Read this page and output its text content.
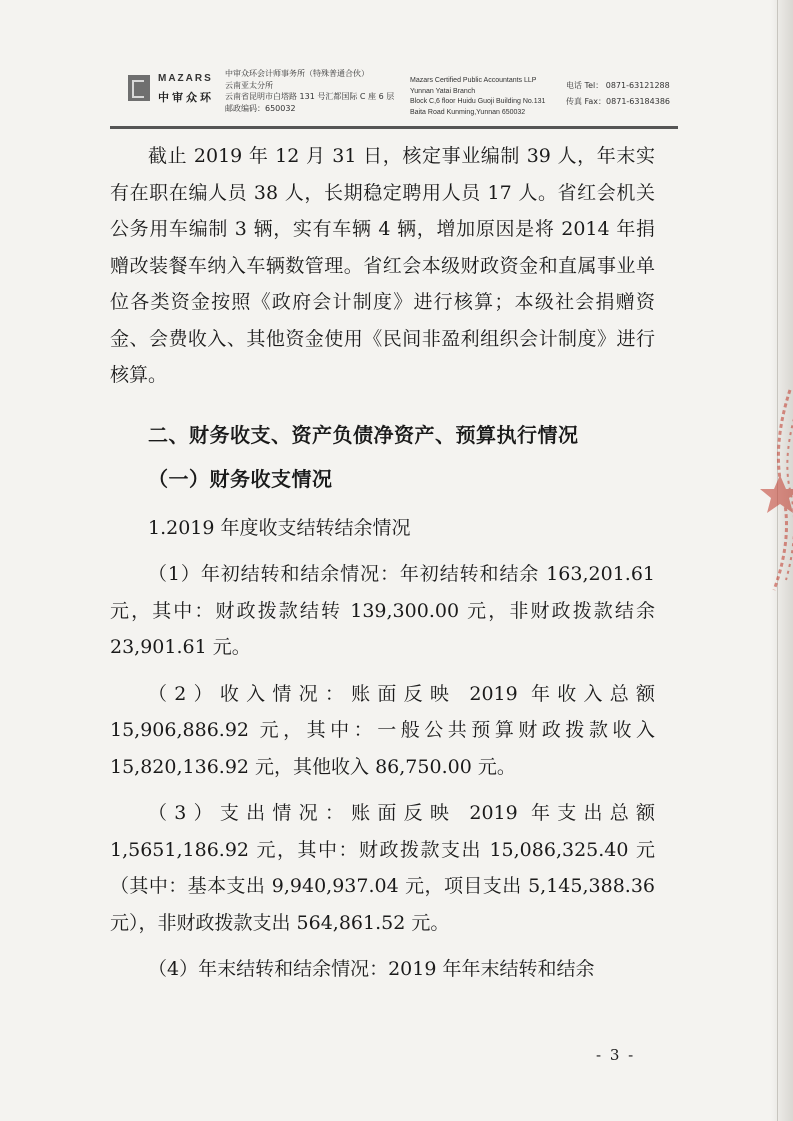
MAZARS
中审众环
中审众环会计师事务所（特殊普通合伙）
云南亚太分所
云南省昆明市白塔路 131 号汇都国际 C 座 6 层
邮政编码：650032
Mazars Certified Public Accountants LLP
Yunnan Yatai Branch
Block C,6 floor Huidu Guoji Building No.131
Baita Road Kunming,Yunnan 650032
电话 Tel： 0871-63121288
传真 Fax：0871-63184386

截止 2019 年 12 月 31 日，核定事业编制 39 人，年末实有在职在编人员 38 人，长期稳定聘用人员 17 人。省红会机关公务用车编制 3 辆，实有车辆 4 辆，增加原因是将 2014 年捐赠改装餐车纳入车辆数管理。省红会本级财政资金和直属事业单位各类资金按照《政府会计制度》进行核算；本级社会捐赠资金、会费收入、其他资金使用《民间非盈利组织会计制度》进行核算。

二、财务收支、资产负债净资产、预算执行情况

（一）财务收支情况

1.2019 年度收支结转结余情况

（1）年初结转和结余情况：年初结转和结余 163,201.61 元，其中：财政拨款结转 139,300.00 元，非财政拨款结余 23,901.61 元。

（2）收入情况：账面反映 2019 年收入总额 15,906,886.92 元，其中：一般公共预算财政拨款收入 15,820,136.92 元，其他收入 86,750.00 元。

（3）支出情况：账面反映 2019 年支出总额 1,5651,186.92 元，其中：财政拨款支出 15,086,325.40 元（其中：基本支出 9,940,937.04 元，项目支出 5,145,388.36 元），非财政拨款支出 564,861.52 元。

（4）年末结转和结余情况：2019 年年末结转和结余

- 3 -
